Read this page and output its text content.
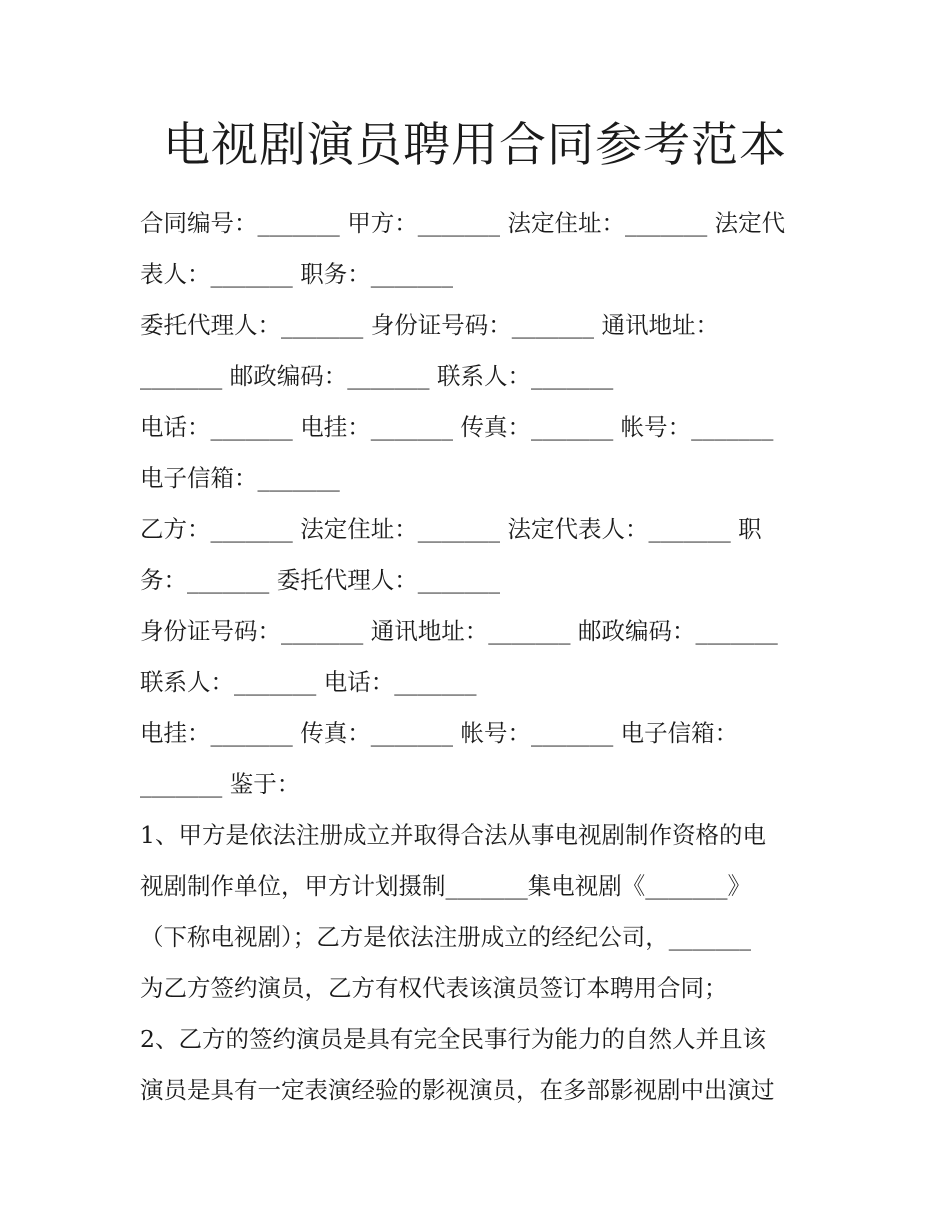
电视剧演员聘用合同参考范本
合同编号：_______ 甲方：_______ 法定住址：_______ 法定代
表人：_______ 职务：_______
委托代理人：_______ 身份证号码：_______ 通讯地址：
_______ 邮政编码：_______ 联系人：_______
电话：_______ 电挂：_______ 传真：_______ 帐号：_______
电子信箱：_______
乙方：_______ 法定住址：_______ 法定代表人：_______ 职
务：_______ 委托代理人：_______
身份证号码：_______ 通讯地址：_______ 邮政编码：_______
联系人：_______ 电话：_______
电挂：_______ 传真：_______ 帐号：_______ 电子信箱：
_______ 鉴于：
1、甲方是依法注册成立并取得合法从事电视剧制作资格的电
视剧制作单位，甲方计划摄制_______集电视剧《_______》
（下称电视剧）；乙方是依法注册成立的经纪公司，_______
为乙方签约演员，乙方有权代表该演员签订本聘用合同；
2、乙方的签约演员是具有完全民事行为能力的自然人并且该
演员是具有一定表演经验的影视演员，在多部影视剧中出演过
